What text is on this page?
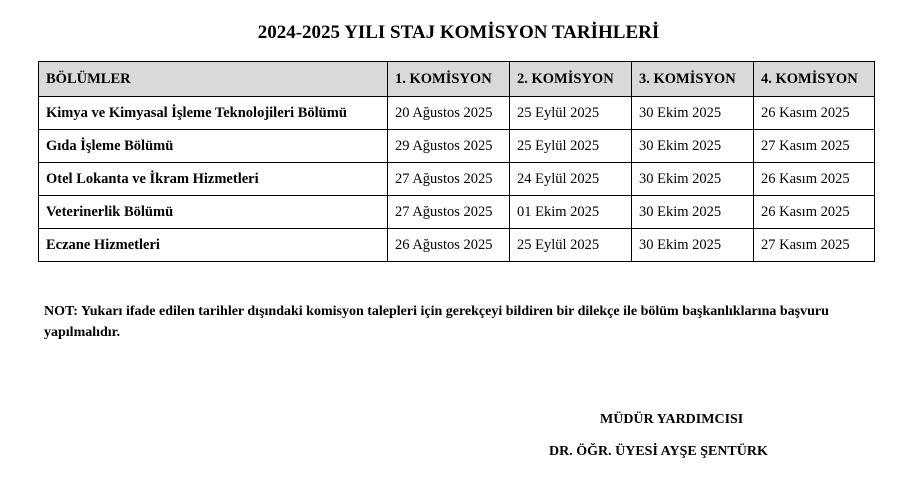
2024-2025 YILI STAJ KOMİSYON TARİHLERİ
BÖLÜMLER	1. KOMİSYON	2. KOMİSYON	3. KOMİSYON	4. KOMİSYON
Kimya ve Kimyasal İşleme Teknolojileri Bölümü	20 Ağustos 2025	25 Eylül 2025	30 Ekim 2025	26 Kasım 2025
Gıda İşleme Bölümü	29 Ağustos 2025	25 Eylül 2025	30 Ekim 2025	27 Kasım 2025
Otel Lokanta ve İkram Hizmetleri	27 Ağustos 2025	24 Eylül 2025	30 Ekim 2025	26 Kasım 2025
Veterinerlik Bölümü	27 Ağustos 2025	01 Ekim 2025	30 Ekim 2025	26 Kasım 2025
Eczane Hizmetleri	26 Ağustos 2025	25 Eylül 2025	30 Ekim 2025	27 Kasım 2025
NOT: Yukarı ifade edilen tarihler dışındaki komisyon talepleri için gerekçeyi bildiren bir dilekçe ile bölüm başkanlıklarına başvuru yapılmalıdır.
MÜDÜR YARDIMCISI
DR. ÖĞR. ÜYESİ AYŞE ŞENTÜRK
